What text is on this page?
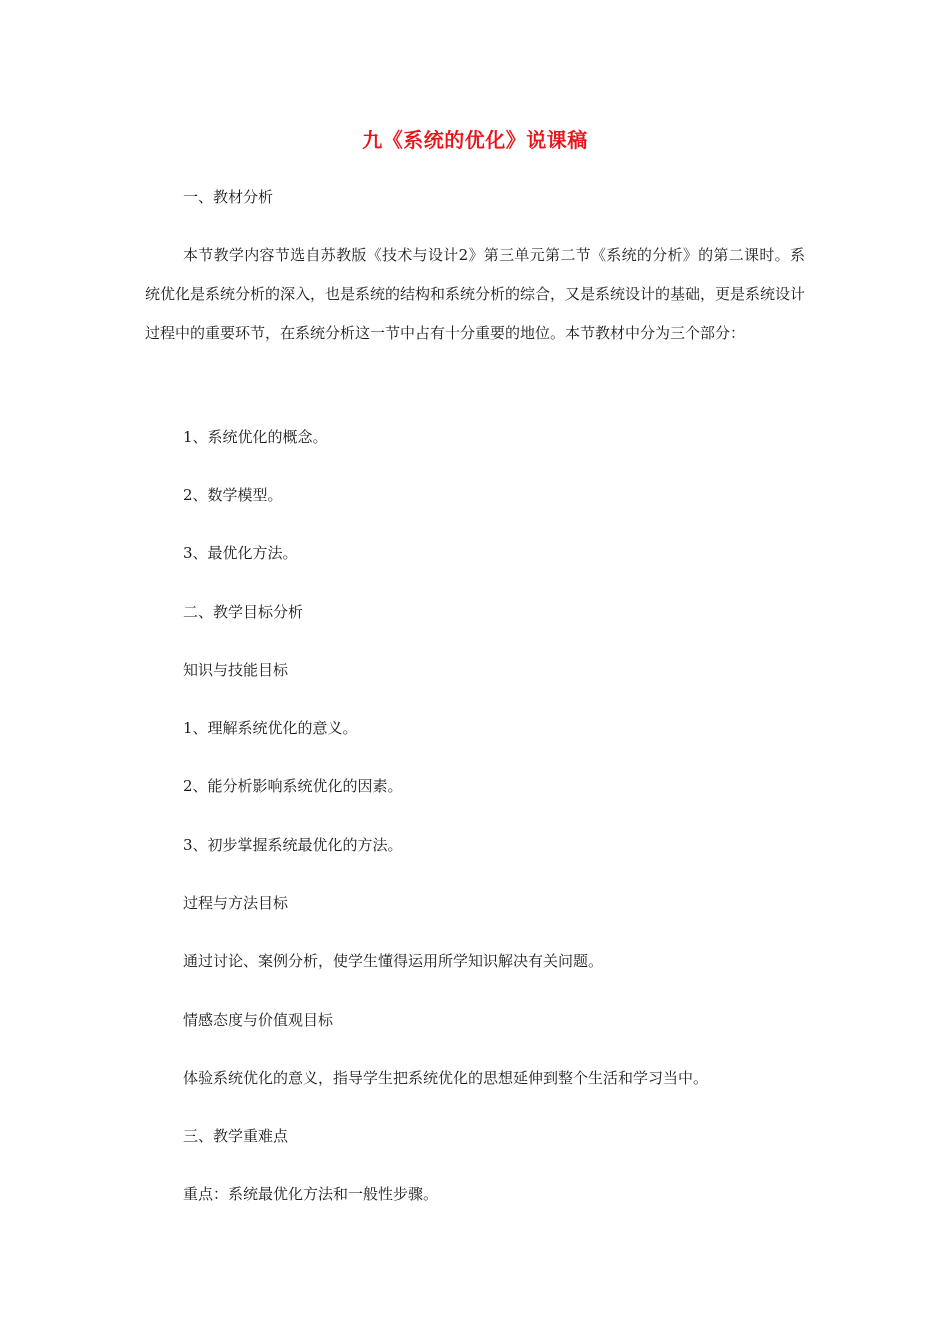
九《系统的优化》说课稿
一、教材分析
本节教学内容节选自苏教版《技术与设计2》第三单元第二节《系统的分析》的第二课时。系统优化是系统分析的深入，也是系统的结构和系统分析的综合，又是系统设计的基础，更是系统设计过程中的重要环节，在系统分析这一节中占有十分重要的地位。本节教材中分为三个部分：
1、系统优化的概念。
2、数学模型。
3、最优化方法。
二、教学目标分析
知识与技能目标
1、理解系统优化的意义。
2、能分析影响系统优化的因素。
3、初步掌握系统最优化的方法。
过程与方法目标
通过讨论、案例分析，使学生懂得运用所学知识解决有关问题。
情感态度与价值观目标
体验系统优化的意义，指导学生把系统优化的思想延伸到整个生活和学习当中。
三、教学重难点
重点：系统最优化方法和一般性步骤。
